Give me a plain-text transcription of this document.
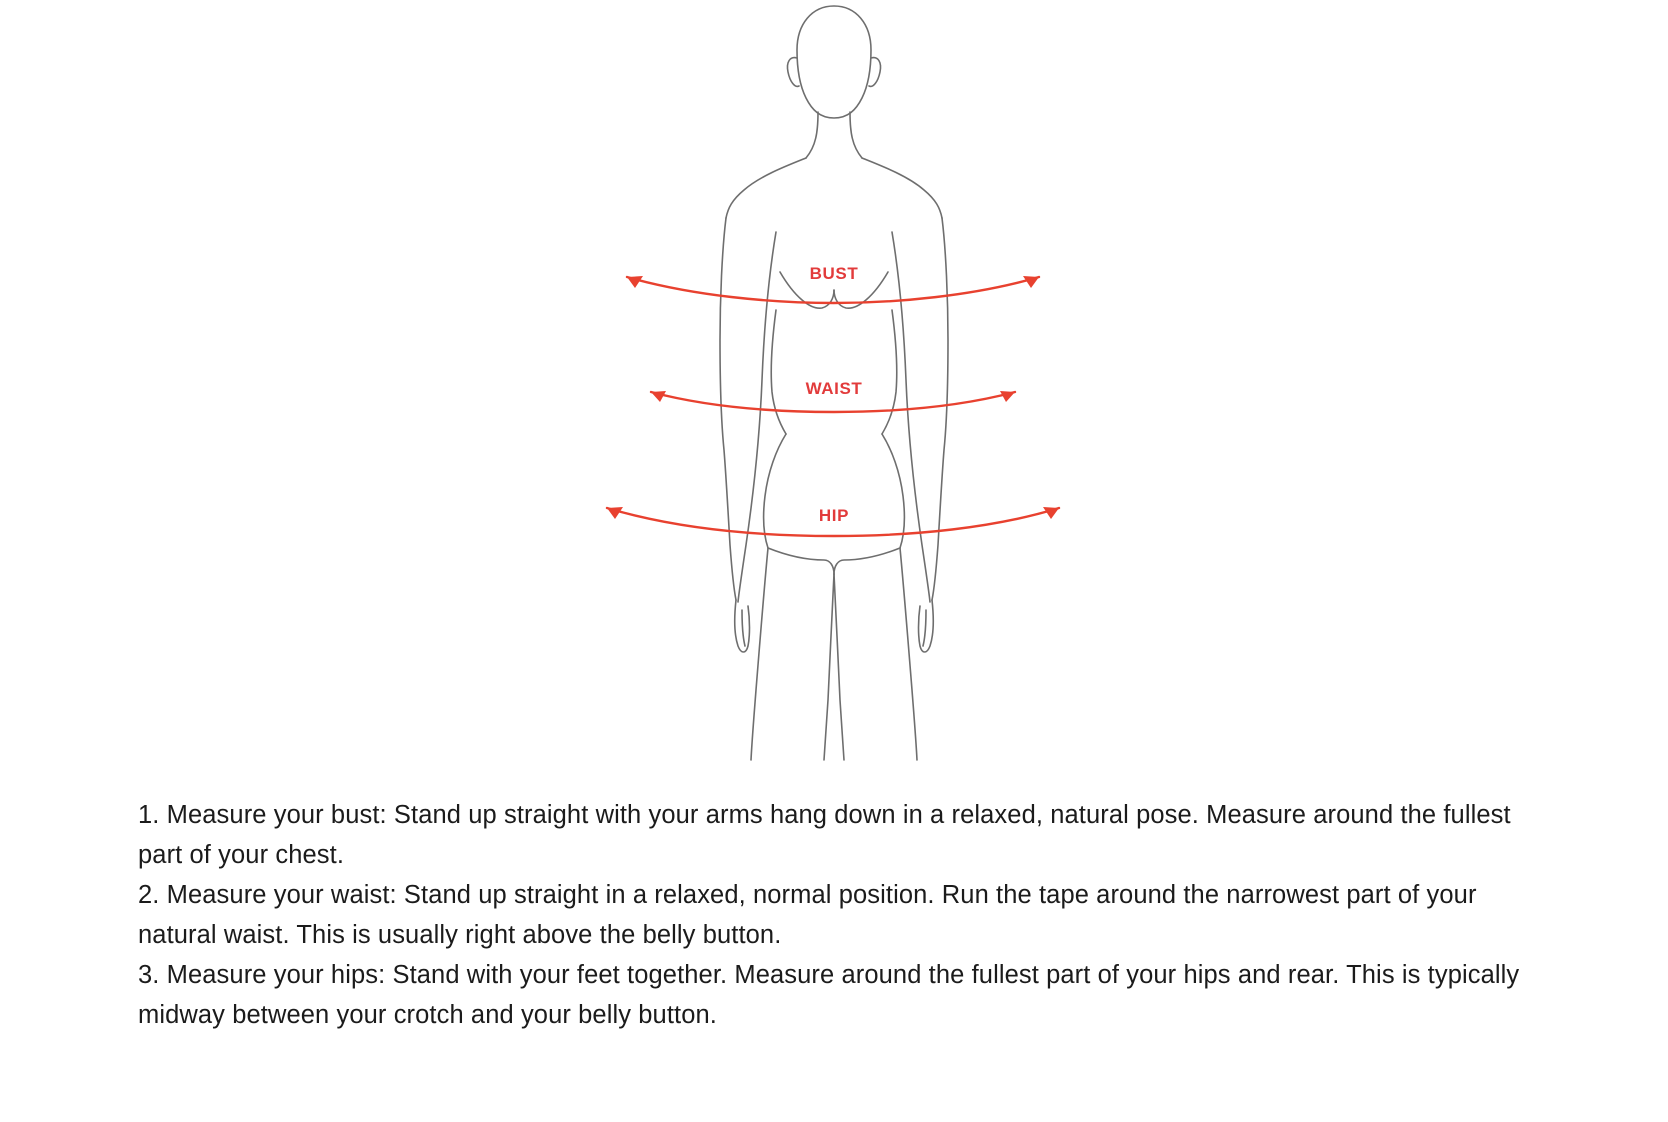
BUST
WAIST
HIP

1. Measure your bust: Stand up straight with your arms hang down in a relaxed, natural pose. Measure around the fullest part of your chest.

2. Measure your waist: Stand up straight in a relaxed, normal position. Run the tape around the narrowest part of your natural waist. This is usually right above the belly button.

3. Measure your hips: Stand with your feet together. Measure around the fullest part of your hips and rear. This is typically midway between your crotch and your belly button.
